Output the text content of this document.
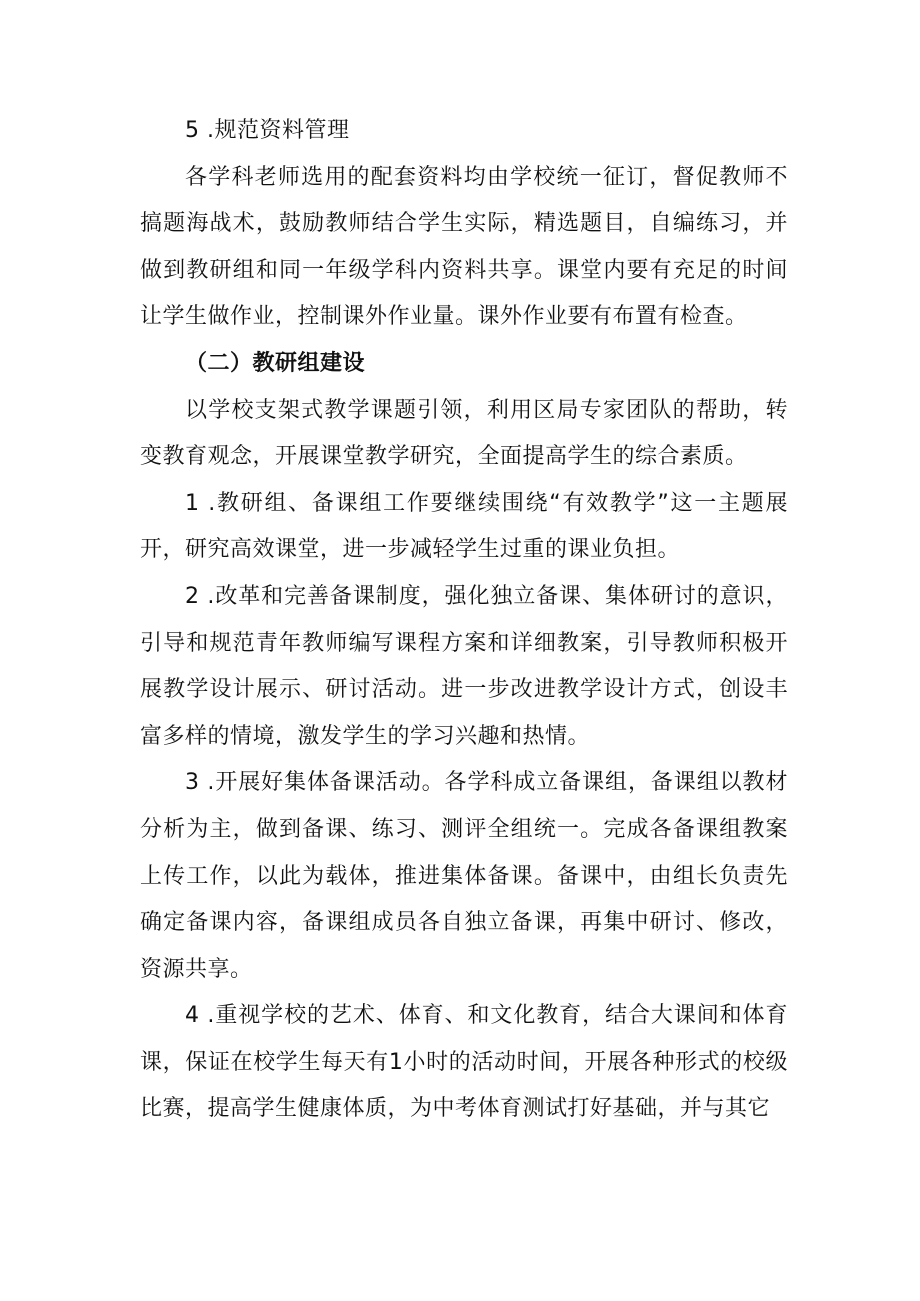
5 .规范资料管理

各学科老师选用的配套资料均由学校统一征订，督促教师不搞题海战术，鼓励教师结合学生实际，精选题目，自编练习，并做到教研组和同一年级学科内资料共享。课堂内要有充足的时间让学生做作业，控制课外作业量。课外作业要有布置有检查。

（二）教研组建设

以学校支架式教学课题引领，利用区局专家团队的帮助，转变教育观念，开展课堂教学研究，全面提高学生的综合素质。

1 .教研组、备课组工作要继续围绕“有效教学”这一主题展开，研究高效课堂，进一步减轻学生过重的课业负担。

2 .改革和完善备课制度，强化独立备课、集体研讨的意识，引导和规范青年教师编写课程方案和详细教案，引导教师积极开展教学设计展示、研讨活动。进一步改进教学设计方式，创设丰富多样的情境，激发学生的学习兴趣和热情。

3 .开展好集体备课活动。各学科成立备课组，备课组以教材分析为主，做到备课、练习、测评全组统一。完成各备课组教案上传工作，以此为载体，推进集体备课。备课中，由组长负责先确定备课内容，备课组成员各自独立备课，再集中研讨、修改，资源共享。

4 .重视学校的艺术、体育、和文化教育，结合大课间和体育课，保证在校学生每天有1小时的活动时间，开展各种形式的校级比赛，提高学生健康体质，为中考体育测试打好基础，并与其它
